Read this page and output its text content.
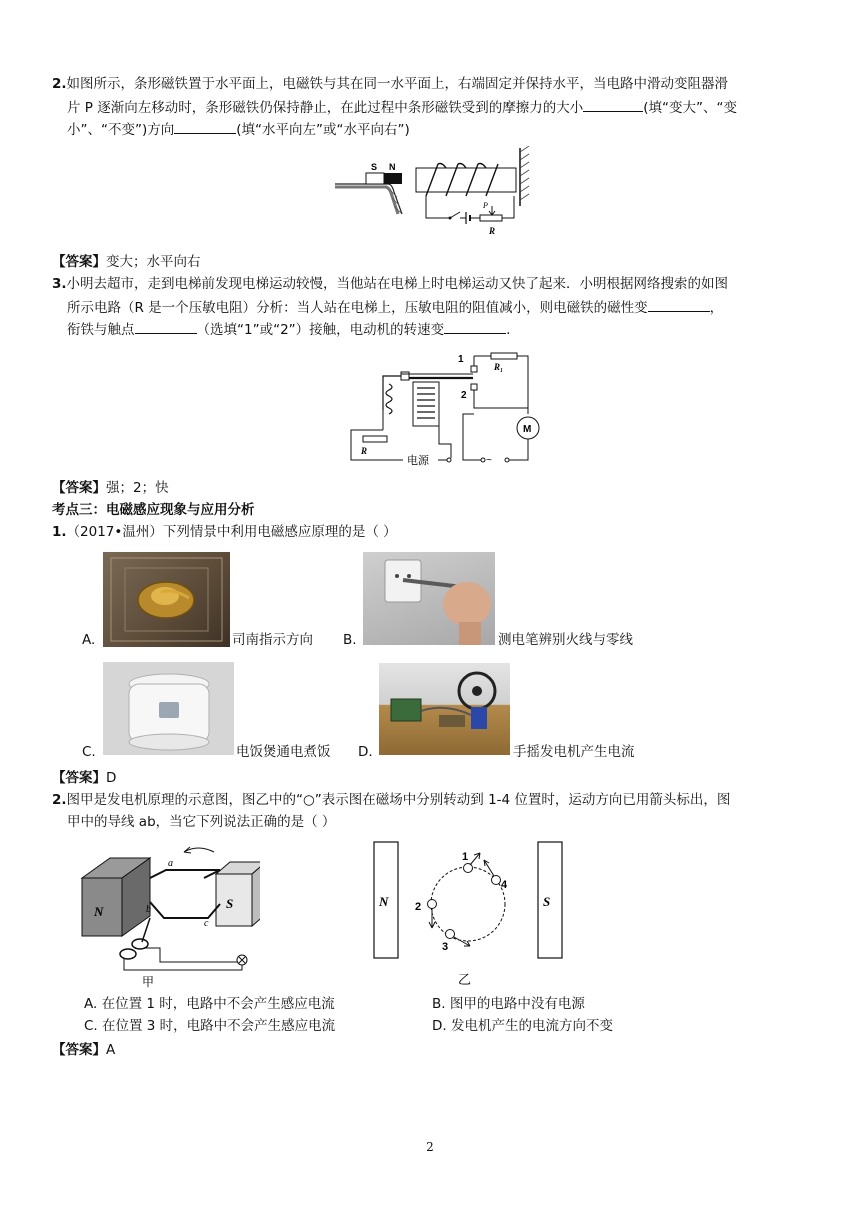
2.如图所示，条形磁铁置于水平面上，电磁铁与其在同一水平面上，右端固定并保持水平，当电路中滑动变阻器滑
片 P 逐渐向左移动时，条形磁铁仍保持静止，在此过程中条形磁铁受到的摩擦力的大小	(填“变大”、“变
小”、“不变”)方向	(填“水平向左”或“水平向右”)
S N
P
R
【答案】变大；水平向右
3.小明去超市，走到电梯前发现电梯运动较慢，当他站在电梯上时电梯运动又快了起来．小明根据网络搜索的如图
所示电路（R 是一个压敏电阻）分析：当人站在电梯上，压敏电阻的阻值减小，则电磁铁的磁性变	，
衔铁与触点	（选填“1”或“2”）接触，电动机的转速变	.
1
2
R₁
M
~
R
电源
【答案】强；2；快
考点三：电磁感应现象与应用分析
1.（2017•温州）下列情景中利用电磁感应原理的是（ ）
A.	司南指示方向 B.	测电笔辨别火线与零线
C.	电饭煲通电煮饭 D.	手摇发电机产生电流
【答案】D
2.图甲是发电机原理的示意图，图乙中的“○”表示图在磁场中分别转动到 1-4 位置时，运动方向已用箭头标出，图
甲中的导线 ab，当它下列说法正确的是（ ）
N
S
a
b
c
甲
N	S
1
2
3
4
乙
A. 在位置 1 时，电路中不会产生感应电流	B. 图甲的电路中没有电源
C. 在位置 3 时，电路中不会产生感应电流	D. 发电机产生的电流方向不变
【答案】A
2
